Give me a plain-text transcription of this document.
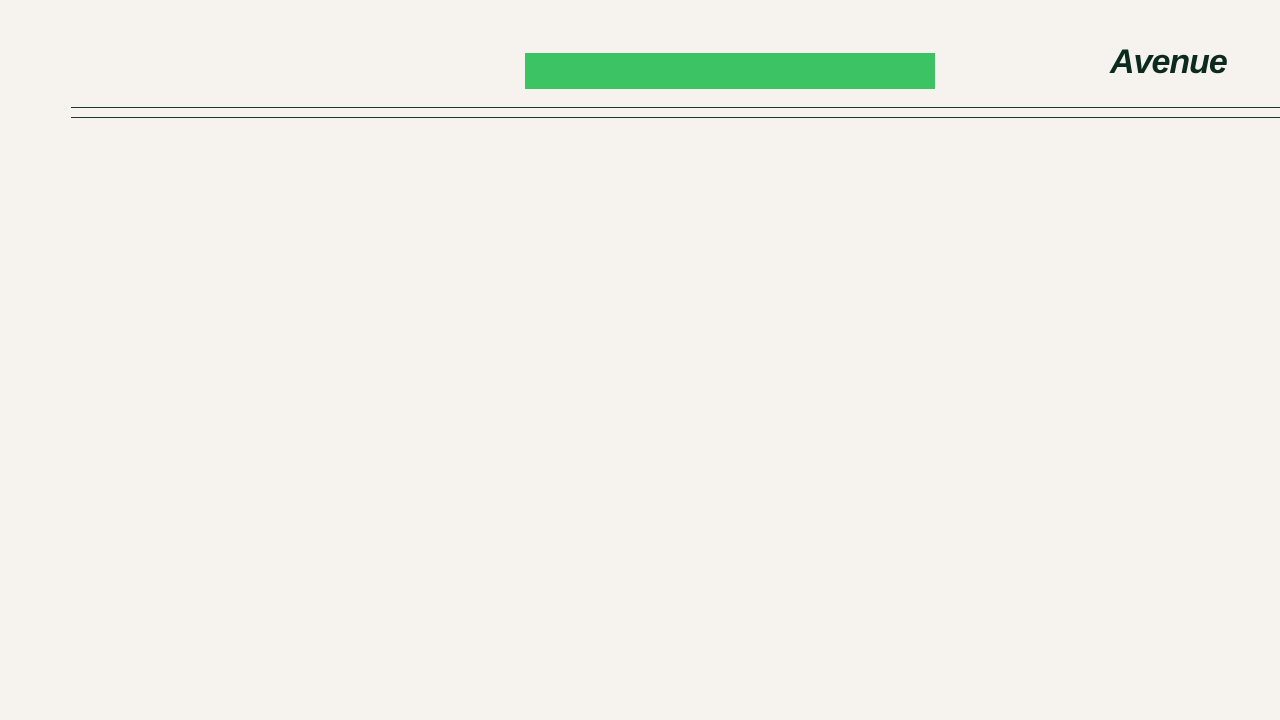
Avenue
